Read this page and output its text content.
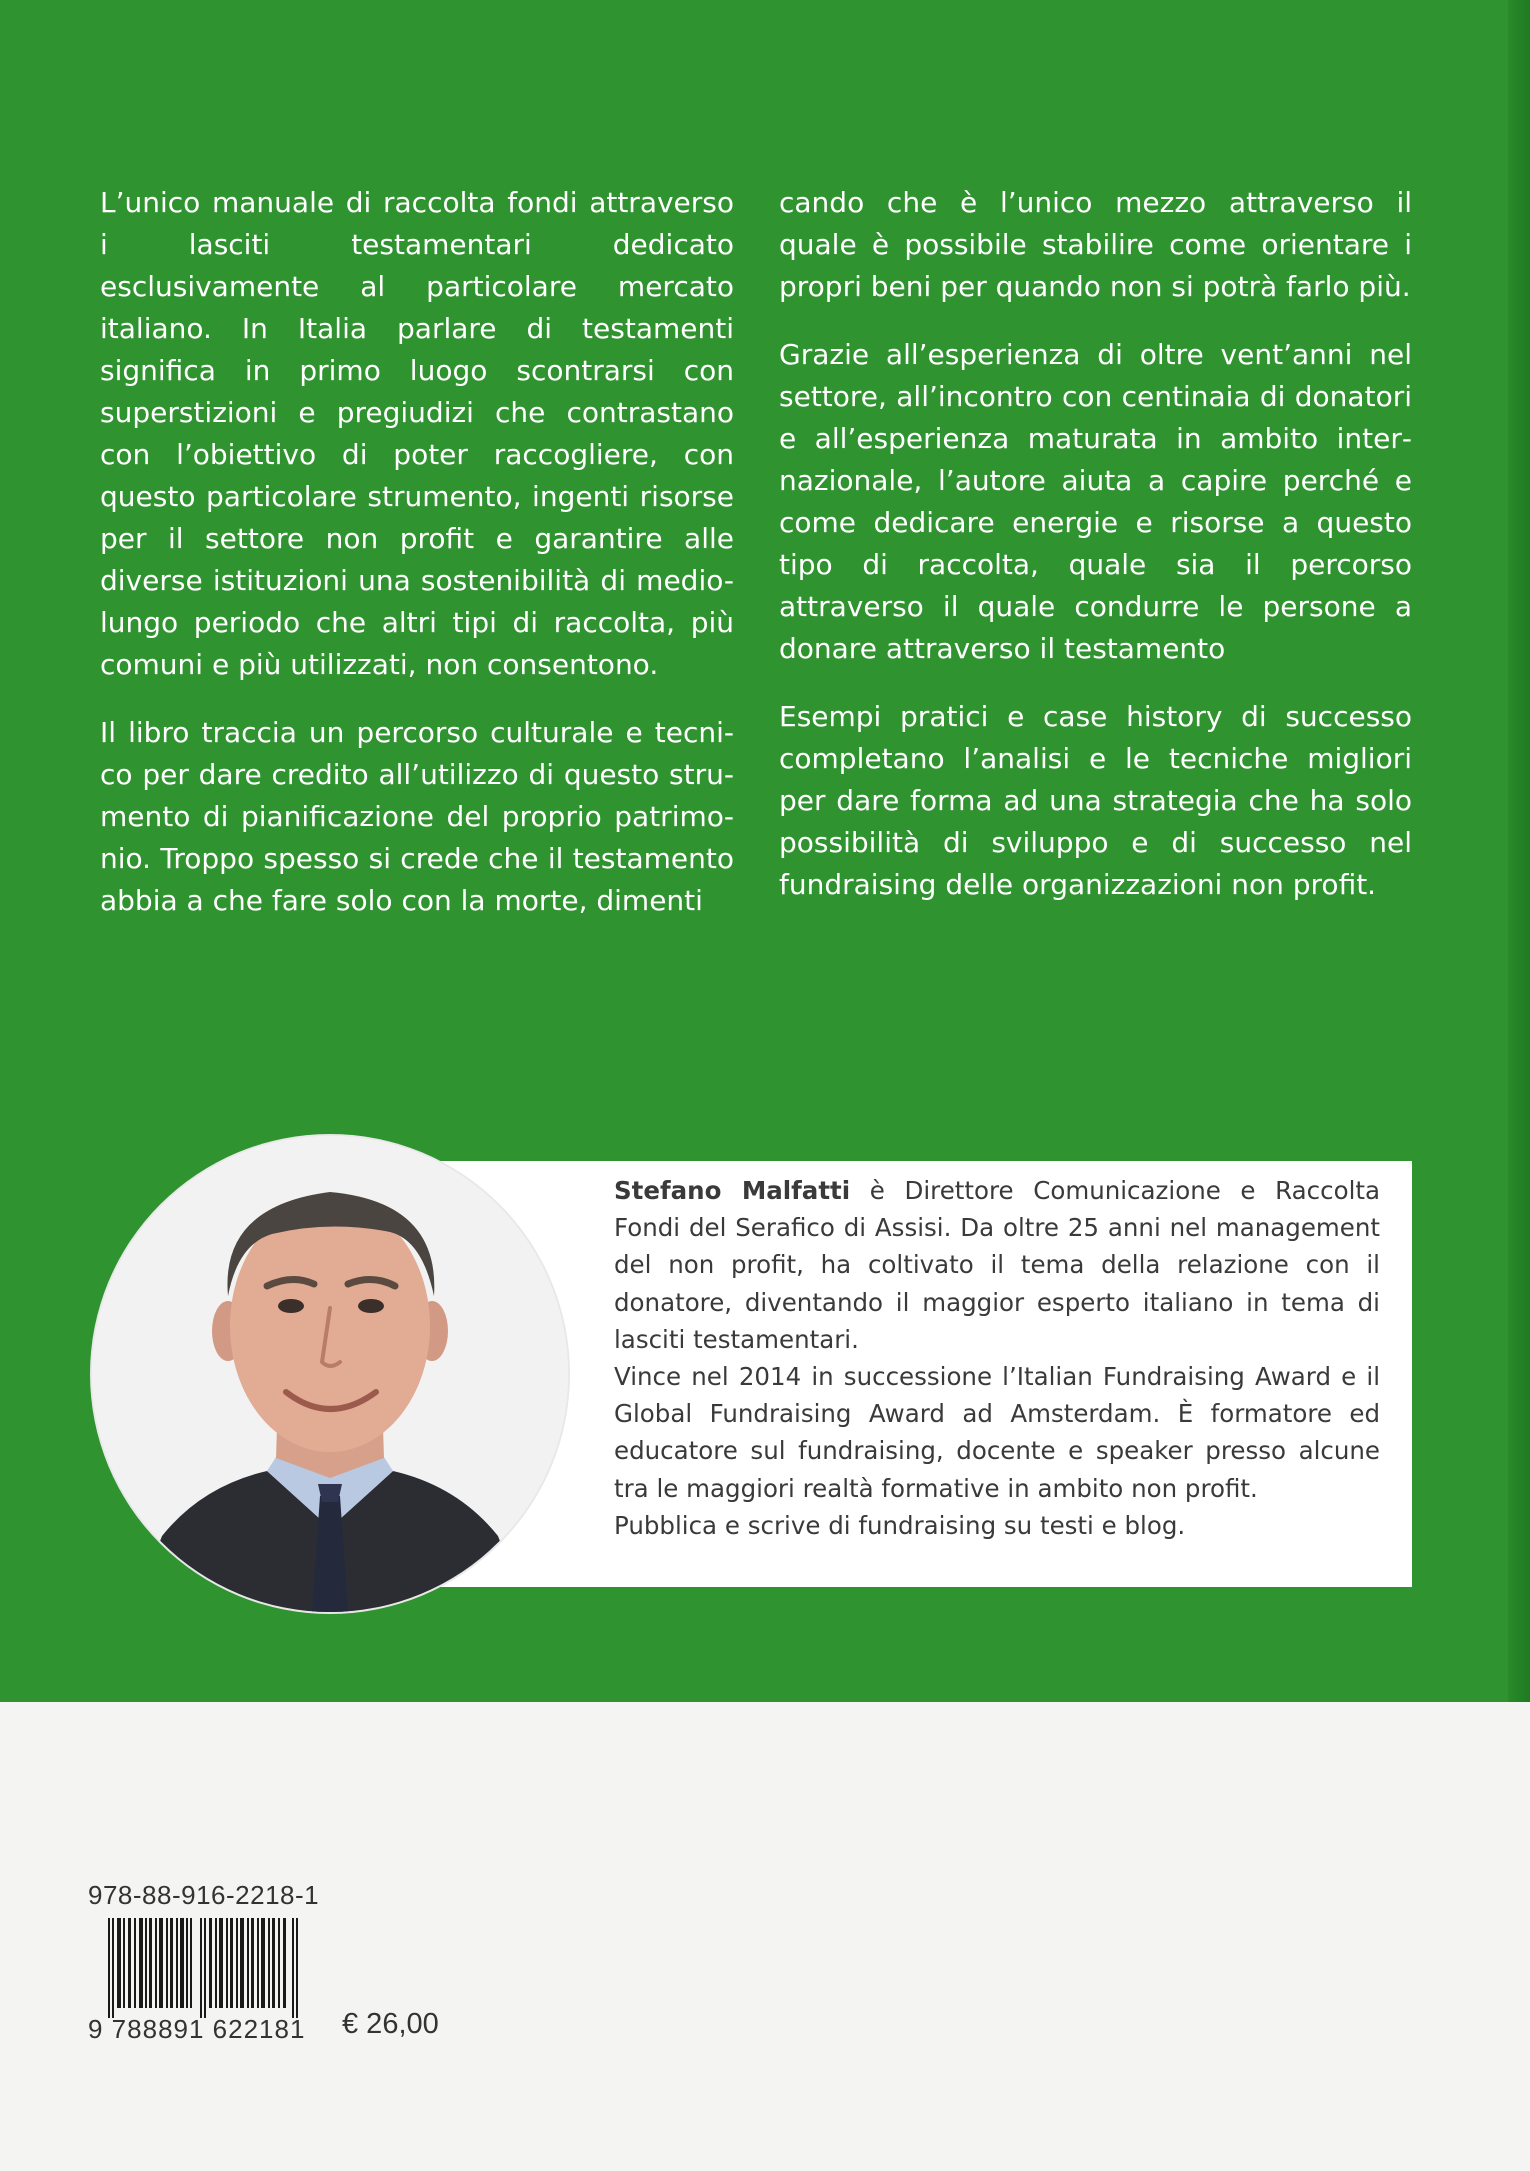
L’unico manuale di raccolta fondi attraverso i lasciti testamentari dedicato esclusivamente al particolare mercato italiano. In Italia parlare di testamenti significa in primo luogo scontrarsi con superstizioni e pregiudizi che contrastano con l’obiettivo di poter raccogliere, con questo particolare strumento, ingenti risorse per il settore non profit e garantire alle diverse istituzioni una sostenibilità di medio-lungo periodo che altri tipi di raccolta, più comuni e più utilizzati, non consentono.

Il libro traccia un percorso culturale e tecnico per dare credito all’utilizzo di questo strumento di pianificazione del proprio patrimonio. Troppo spesso si crede che il testamento abbia a che fare solo con la morte, dimenti

cando che è l’unico mezzo attraverso il quale è possibile stabilire come orientare i propri beni per quando non si potrà farlo più.

Grazie all’esperienza di oltre vent’anni nel settore, all’incontro con centinaia di donatori e all’esperienza maturata in ambito internazionale, l’autore aiuta a capire perché e come dedicare energie e risorse a questo tipo di raccolta, quale sia il percorso attraverso il quale condurre le persone a donare attraverso il testamento

Esempi pratici e case history di successo completano l’analisi e le tecniche migliori per dare forma ad una strategia che ha solo possibilità di sviluppo e di successo nel fundraising delle organizzazioni non profit.

Stefano Malfatti è Direttore Comunicazione e Raccolta Fondi del Serafico di Assisi. Da oltre 25 anni nel management del non profit, ha coltivato il tema della relazione con il donatore, diventando il maggior esperto italiano in tema di lasciti testamentari.

Vince nel 2014 in successione l’Italian Fundraising Award e il Global Fundraising Award ad Amsterdam. È formatore ed educatore sul fundraising, docente e speaker presso alcune tra le maggiori realtà formative in ambito non profit.

Pubblica e scrive di fundraising su testi e blog.

978-88-916-2218-1
9 788891 622181 € 26,00
